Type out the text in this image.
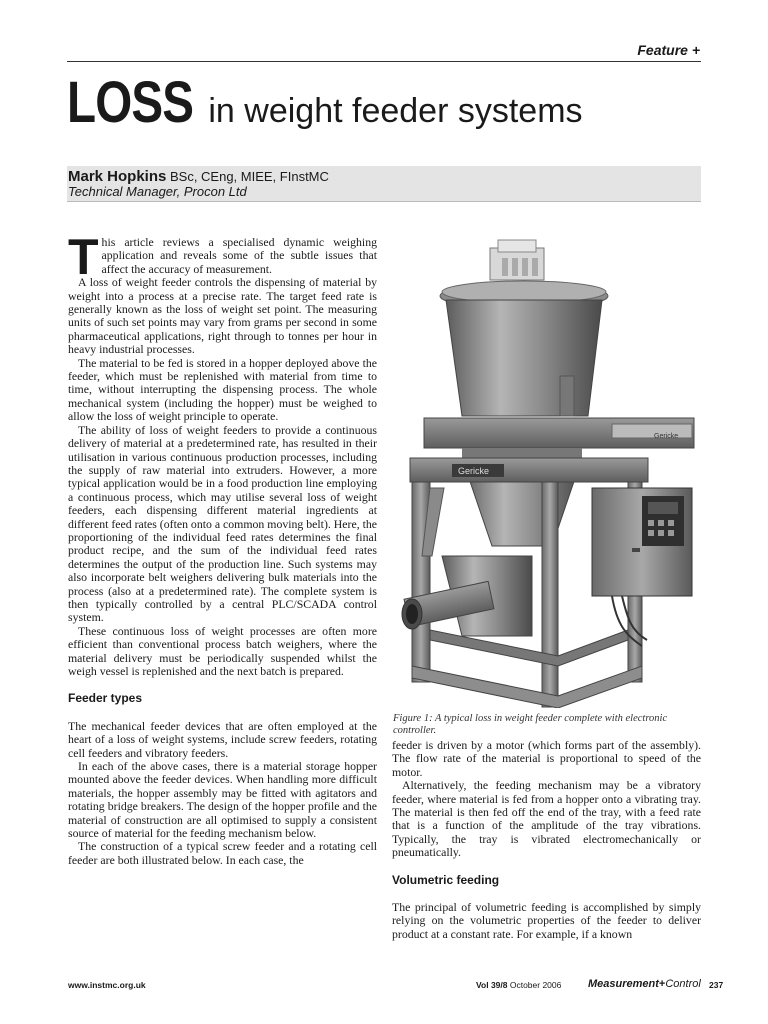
Feature +
LOSS in weight feeder systems
Mark Hopkins BSc, CEng, MIEE, FInstMC
Technical Manager, Procon Ltd

This article reviews a specialised dynamic weighing application and reveals some of the subtle issues that affect the accuracy of measurement.

A loss of weight feeder controls the dispensing of material by weight into a process at a precise rate. The target feed rate is generally known as the loss of weight set point. The measuring units of such set points may vary from grams per second in some pharmaceutical applications, right through to tonnes per hour in heavy industrial processes.

The material to be fed is stored in a hopper deployed above the feeder, which must be replenished with material from time to time, without interrupting the dispensing process. The whole mechanical system (including the hopper) must be weighed to allow the loss of weight principle to operate.

The ability of loss of weight feeders to provide a continuous delivery of material at a predetermined rate, has resulted in their utilisation in various continuous production processes, including the supply of raw material into extruders. However, a more typical application would be in a food production line employing a continuous process, which may utilise several loss of weight feeders, each dispensing different material ingredients at different feed rates (often onto a common moving belt). Here, the proportioning of the individual feed rates determines the final product recipe, and the sum of the individual feed rates determines the output of the production line. Such systems may also incorporate belt weighers delivering bulk materials into the process (also at a predetermined rate). The complete system is then typically controlled by a central PLC/SCADA control system.

These continuous loss of weight processes are often more efficient than conventional process batch weighers, where the material delivery must be periodically suspended whilst the weigh vessel is replenished and the next batch is prepared.

Feeder types

The mechanical feeder devices that are often employed at the heart of a loss of weight systems, include screw feeders, rotating cell feeders and vibratory feeders.

In each of the above cases, there is a material storage hopper mounted above the feeder devices. When handling more difficult materials, the hopper assembly may be fitted with agitators and rotating bridge breakers. The design of the hopper profile and the material of construction are all optimised to supply a consistent source of material for the feeding mechanism below.

The construction of a typical screw feeder and a rotating cell feeder are both illustrated below. In each case, the

Gericke
Gericke
Figure 1: A typical loss in weight feeder complete with electronic controller.

feeder is driven by a motor (which forms part of the assembly). The flow rate of the material is proportional to speed of the motor.

Alternatively, the feeding mechanism may be a vibratory feeder, where material is fed from a hopper onto a vibrating tray. The material is then fed off the end of the tray, with a feed rate that is a function of the amplitude of the tray vibrations. Typically, the tray is vibrated electromechanically or pneumatically.

Volumetric feeding

The principal of volumetric feeding is accomplished by simply relying on the volumetric properties of the feeder to deliver product at a constant rate. For example, if a known

www.instmc.org.uk	Vol 39/8 October 2006 Measurement+Control 237
